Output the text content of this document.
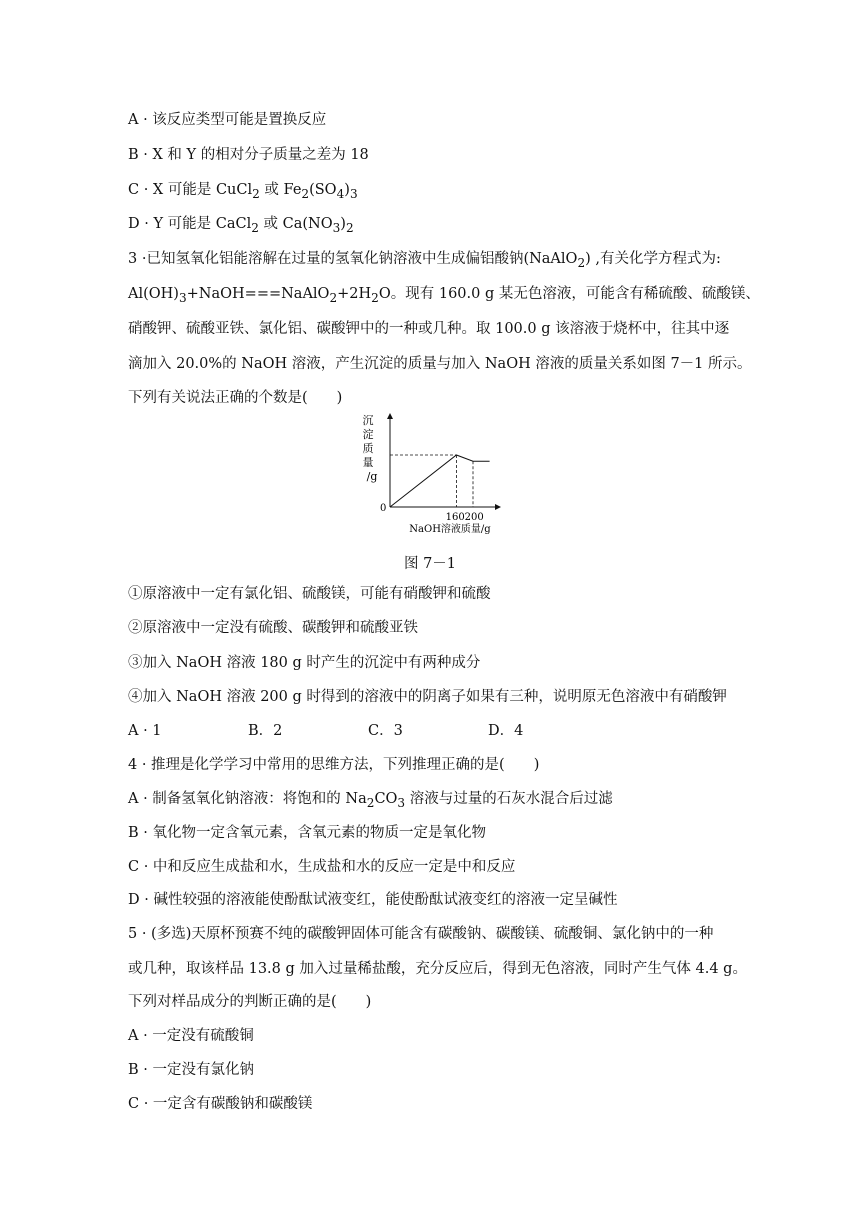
A · 该反应类型可能是置换反应
B · X 和 Y 的相对分子质量之差为 18
C · X 可能是 CuCl$_2$ 或 $Fe_2(SO_4)_3$
D · Y 可能是 CaCl$_2$ 或 $Ca(NO_3)_2$
3 ·已知氢氧化铝能溶解在过量的氢氧化钠溶液中生成偏铝酸钠(NaAlO$_2$) ,有关化学方程式为:
$Al(OH)_3+NaOH===NaAlO_2+2H_2O$。现有 160.0 g 某无色溶液，可能含有稀硫酸、硫酸镁、
硝酸钾、硫酸亚铁、氯化铝、碳酸钾中的一种或几种。取 100.0 g 该溶液于烧杯中，往其中逐
滴加入 20.0%的 NaOH 溶液，产生沉淀的质量与加入 NaOH 溶液的质量关系如图 7－1 所示。
下列有关说法正确的个数是(　　)
沉
淀
质
量
/g
0
160200
NaOH溶液质量/g
图 7－1
①原溶液中一定有氯化铝、硫酸镁，可能有硝酸钾和硫酸
②原溶液中一定没有硫酸、碳酸钾和硫酸亚铁
③加入 NaOH 溶液 180 g 时产生的沉淀中有两种成分
④加入 NaOH 溶液 200 g 时得到的溶液中的阴离子如果有三种，说明原无色溶液中有硝酸钾
A · 1	B．2	C．3	D．4
4 · 推理是化学学习中常用的思维方法，下列推理正确的是(　　)
A · 制备氢氧化钠溶液：将饱和的 $Na_2CO_3$ 溶液与过量的石灰水混合后过滤
B · 氧化物一定含氧元素，含氧元素的物质一定是氧化物
C · 中和反应生成盐和水，生成盐和水的反应一定是中和反应
D · 碱性较强的溶液能使酚酞试液变红，能使酚酞试液变红的溶液一定呈碱性
5 · (多选)天原杯预赛不纯的碳酸钾固体可能含有碳酸钠、碳酸镁、硫酸铜、氯化钠中的一种
或几种，取该样品 13.8 g 加入过量稀盐酸，充分反应后，得到无色溶液，同时产生气体 4.4 g。
下列对样品成分的判断正确的是(　　)
A · 一定没有硫酸铜
B · 一定没有氯化钠
C · 一定含有碳酸钠和碳酸镁
